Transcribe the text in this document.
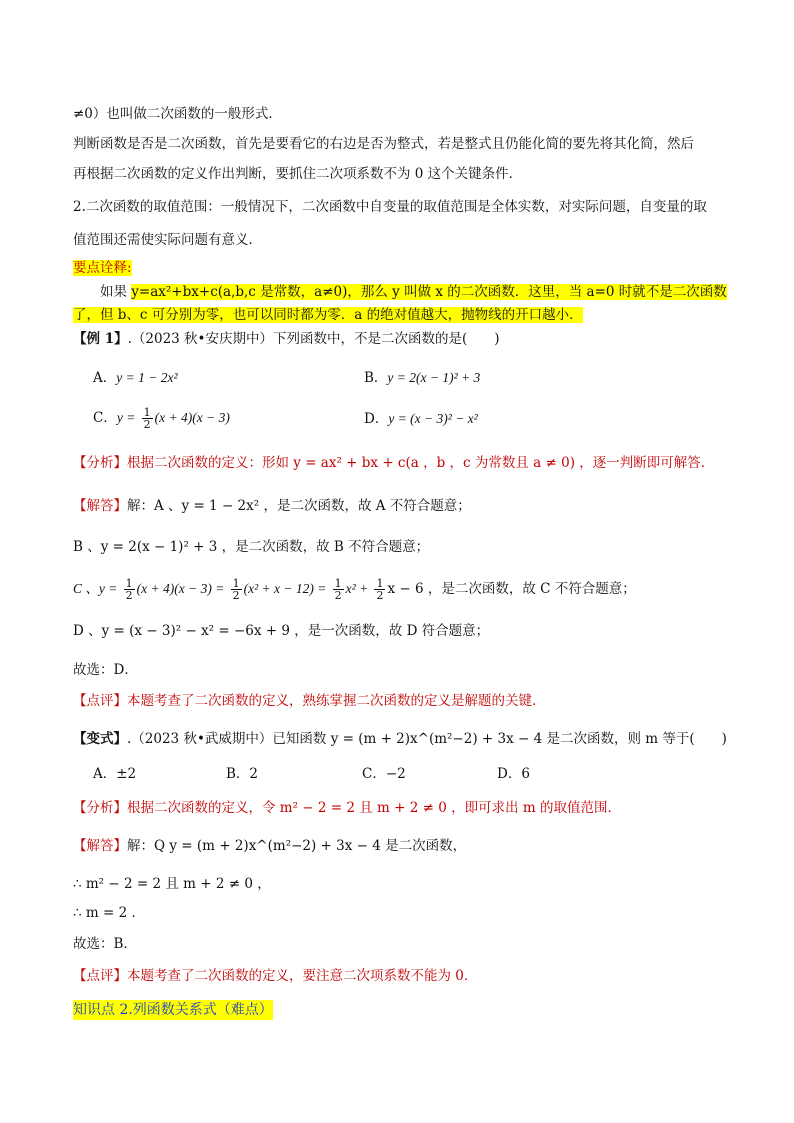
≠0）也叫做二次函数的一般形式．
判断函数是否是二次函数，首先是要看它的右边是否为整式，若是整式且仍能化简的要先将其化简，然后
再根据二次函数的定义作出判断，要抓住二次项系数不为 0 这个关键条件．
2.二次函数的取值范围：一般情况下，二次函数中自变量的取值范围是全体实数，对实际问题，自变量的取
值范围还需使实际问题有意义．
要点诠释:
如果 y=ax²+bx+c(a,b,c 是常数，a≠0)，那么 y 叫做 x 的二次函数．这里，当 a=0 时就不是二次函数
了，但 b、c 可分别为零，也可以同时都为零．a 的绝对值越大，抛物线的开口越小．
【例 1】.（2023 秋•安庆期中）下列函数中，不是二次函数的是(　　)
A．y = 1 − 2x²	B．y = 2(x − 1)² + 3
C．$y = \frac{1}{2} (x + 4)(x - 3)$	D．y = (x − 3)² − x²
【分析】根据二次函数的定义：形如 y = ax² + bx + c(a ，b ，c 为常数且 a ≠ 0) ，逐一判断即可解答．
【解答】解：A 、y = 1 − 2x² ，是二次函数，故 A 不符合题意；
B 、y = 2(x − 1)² + 3 ，是二次函数，故 B 不符合题意；
C 、$y = \frac{1}{2} (x + 4)(x - 3) = \frac{1}{2} (x^2 + x - 12) = \frac{1}{2} x^2 + \frac{1}{2}$ x − 6 ，是二次函数，故 C 不符合题意；
D 、y = (x − 3)² − x² = −6x + 9 ，是一次函数，故 D 符合题意；
故选：D．
【点评】本题考查了二次函数的定义，熟练掌握二次函数的定义是解题的关键．
【变式】.（2023 秋•武威期中）已知函数 y = (m + 2)x^(m²−2) + 3x − 4 是二次函数，则 m 等于(　　)
A．±2	B．2	C．−2	D．6
【分析】根据二次函数的定义，令 m² − 2 = 2 且 m + 2 ≠ 0 ，即可求出 m 的取值范围．
【解答】解：Q y = (m + 2)x^(m²−2) + 3x − 4 是二次函数，
∴ m² − 2 = 2 且 m + 2 ≠ 0 ，
∴ m = 2 ．
故选：B．
【点评】本题考查了二次函数的定义，要注意二次项系数不能为 0．
知识点 2.列函数关系式（难点）
